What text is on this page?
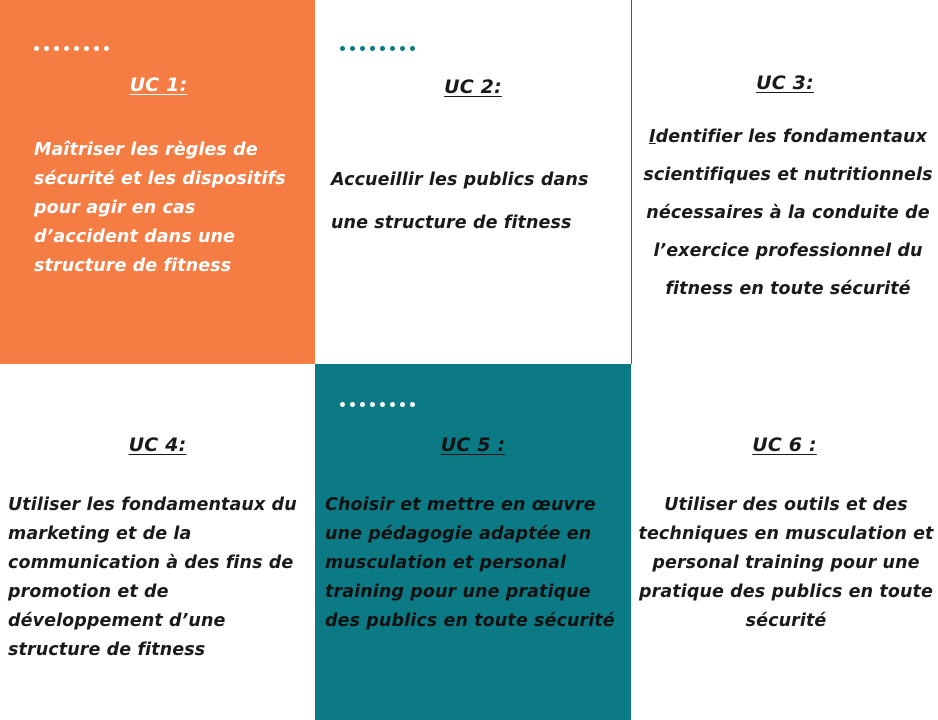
UC 1:
Maîtriser les règles de sécurité et les dispositifs pour agir en cas d’accident dans une structure de fitness
UC 2:
Accueillir les publics dans une structure de fitness
UC 3:
Identifier les fondamentaux scientifiques et nutritionnels nécessaires à la conduite de l’exercice professionnel du fitness en toute sécurité
UC 4:
Utiliser les fondamentaux du marketing et de la communication à des fins de promotion et de développement d’une structure de fitness
UC 5 :
Choisir et mettre en œuvre une pédagogie adaptée en musculation et personal training pour une pratique des publics en toute sécurité
UC 6 :
Utiliser des outils et des techniques en musculation et personal training pour une pratique des publics en toute sécurité
